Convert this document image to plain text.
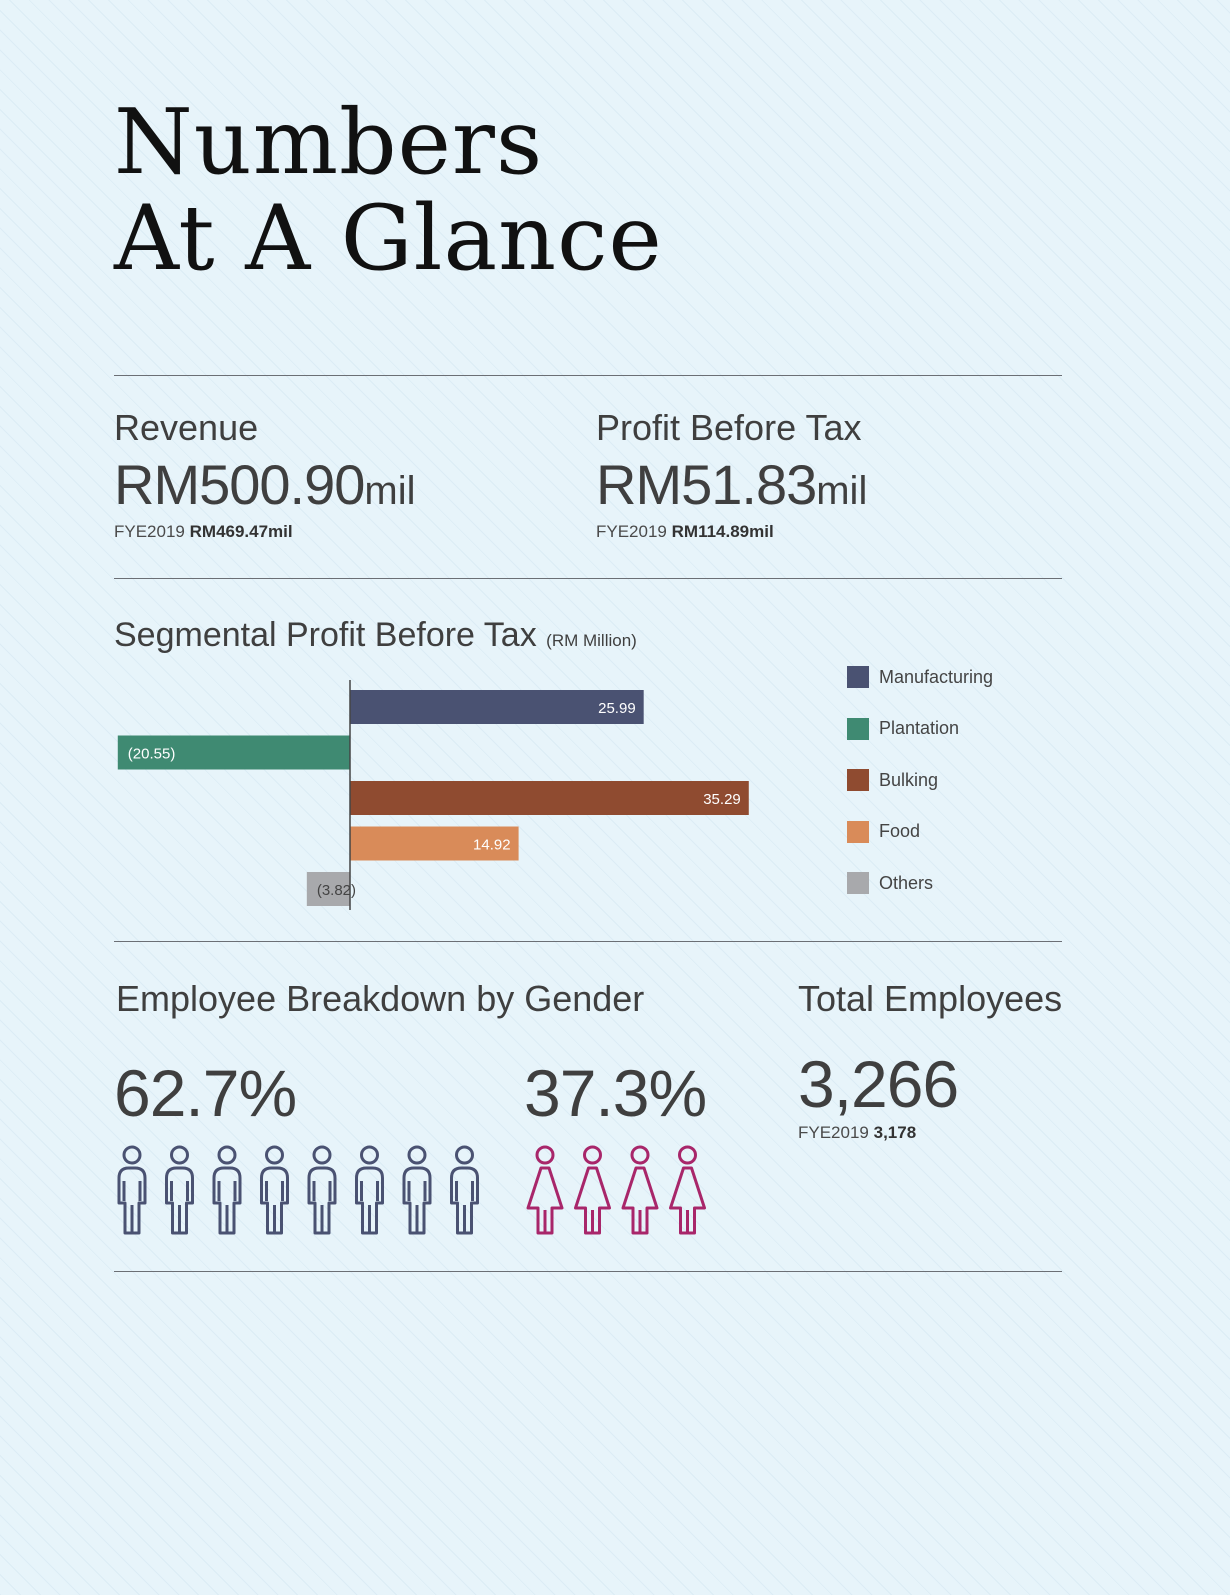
Numbers
At A Glance
Revenue
RM500.90mil
FYE2019 RM469.47mil
Profit Before Tax
RM51.83mil
FYE2019 RM114.89mil
Segmental Profit Before Tax (RM Million)
25.99
(20.55)
35.29
14.92
(3.82)
Manufacturing
Plantation
Bulking
Food
Others
Employee Breakdown by Gender
62.7%	37.3%
Total Employees
3,266
FYE2019 3,178
